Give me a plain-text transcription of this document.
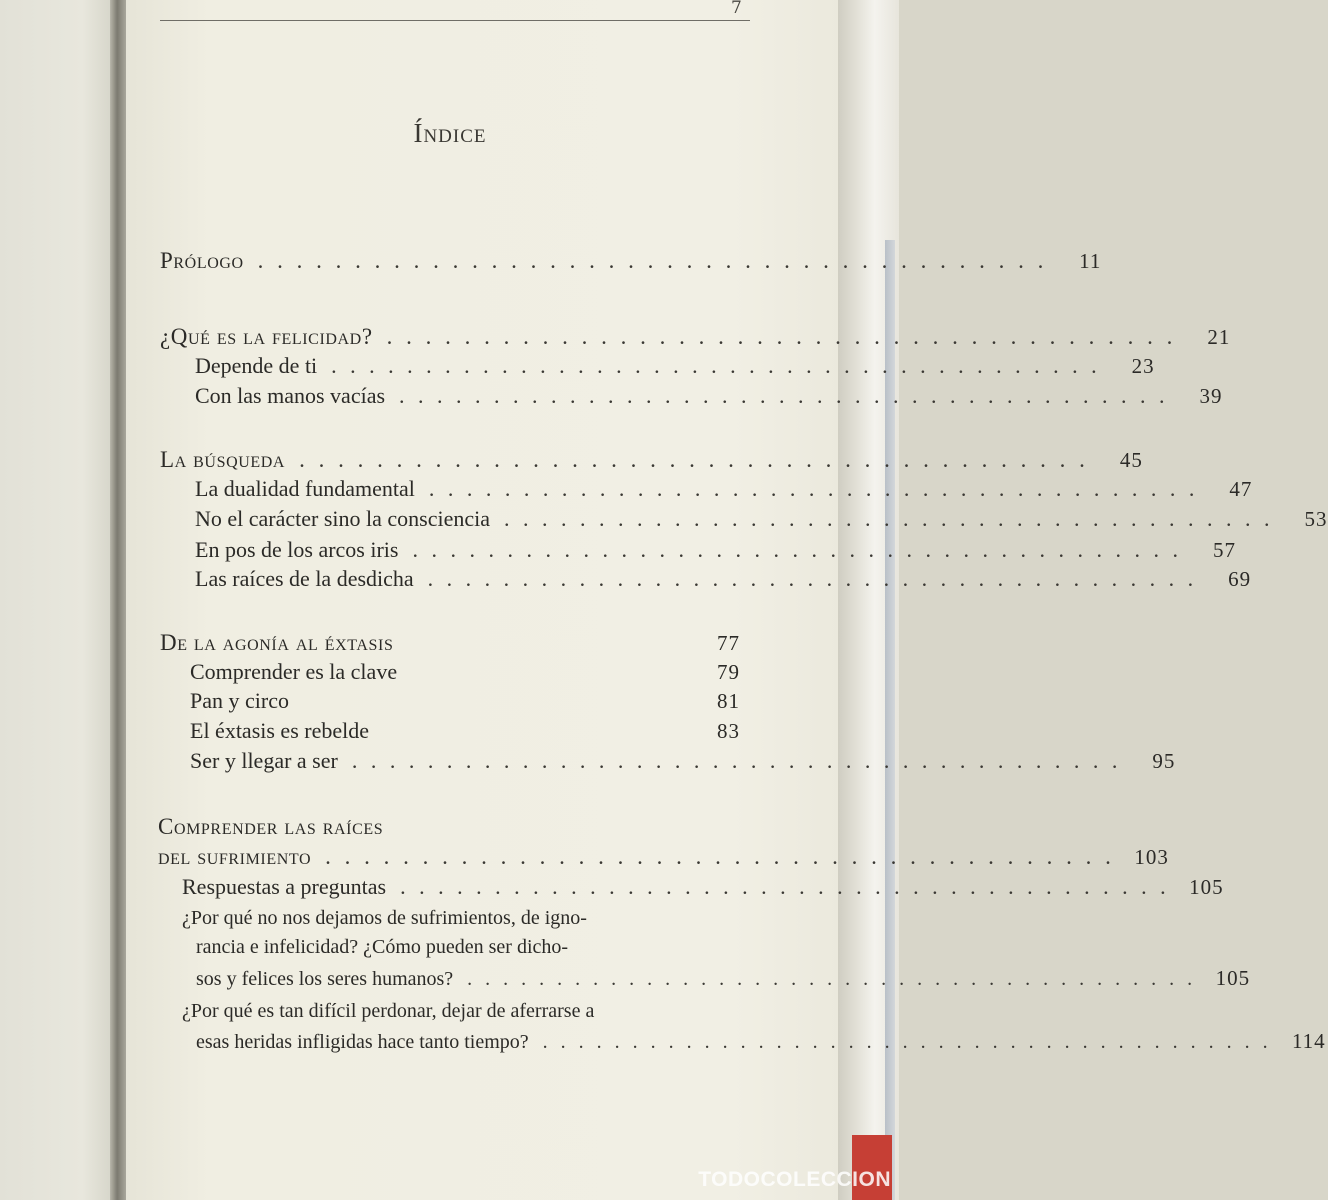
7
Índice
Prólogo . . . . . . . . . . . . . . . . . . . . . . . . . . . . . . . . . . . . . . . . .	11
¿Qué es la felicidad? . . . . . . . . . . . . . . . . . . . . . . . . . . . . . . . . . . . . . . . . .	21
Depende de ti . . . . . . . . . . . . . . . . . . . . . . . . . . . . . . . . . . . . . . . . .	23
Con las manos vacías . . . . . . . . . . . . . . . . . . . . . . . . . . . . . . . . . . . . . . . . .	39
La búsqueda . . . . . . . . . . . . . . . . . . . . . . . . . . . . . . . . . . . . . . . . .	45
La dualidad fundamental . . . . . . . . . . . . . . . . . . . . . . . . . . . . . . . . . . . . . . . . .	47
No el carácter sino la consciencia . . . . . . . . . . . . . . . . . . . . . . . . . . . . . . . . . . . . . . . . .	53
En pos de los arcos iris . . . . . . . . . . . . . . . . . . . . . . . . . . . . . . . . . . . . . . . . .	57
Las raíces de la desdicha . . . . . . . . . . . . . . . . . . . . . . . . . . . . . . . . . . . . . . . . .	69
De la agonía al éxtasis	77
Comprender es la clave	79
Pan y circo	81
El éxtasis es rebelde	83
Ser y llegar a ser . . . . . . . . . . . . . . . . . . . . . . . . . . . . . . . . . . . . . . . . .	95
Comprender las raíces
del sufrimiento . . . . . . . . . . . . . . . . . . . . . . . . . . . . . . . . . . . . . . . . . 103
Respuestas a preguntas . . . . . . . . . . . . . . . . . . . . . . . . . . . . . . . . . . . . . . . . . 105
¿Por qué no nos dejamos de sufrimientos, de igno-
rancia e infelicidad? ¿Cómo pueden ser dicho-
sos y felices los seres humanos? . . . . . . . . . . . . . . . . . . . . . . . . . . . . . . . . . . . . . . . . . 105
¿Por qué es tan difícil perdonar, dejar de aferrarse a
esas heridas infligidas hace tanto tiempo? . . . . . . . . . . . . . . . . . . . . . . . . . . . . . . . . . . . . . . . . . 114
TODOCOLECCION
